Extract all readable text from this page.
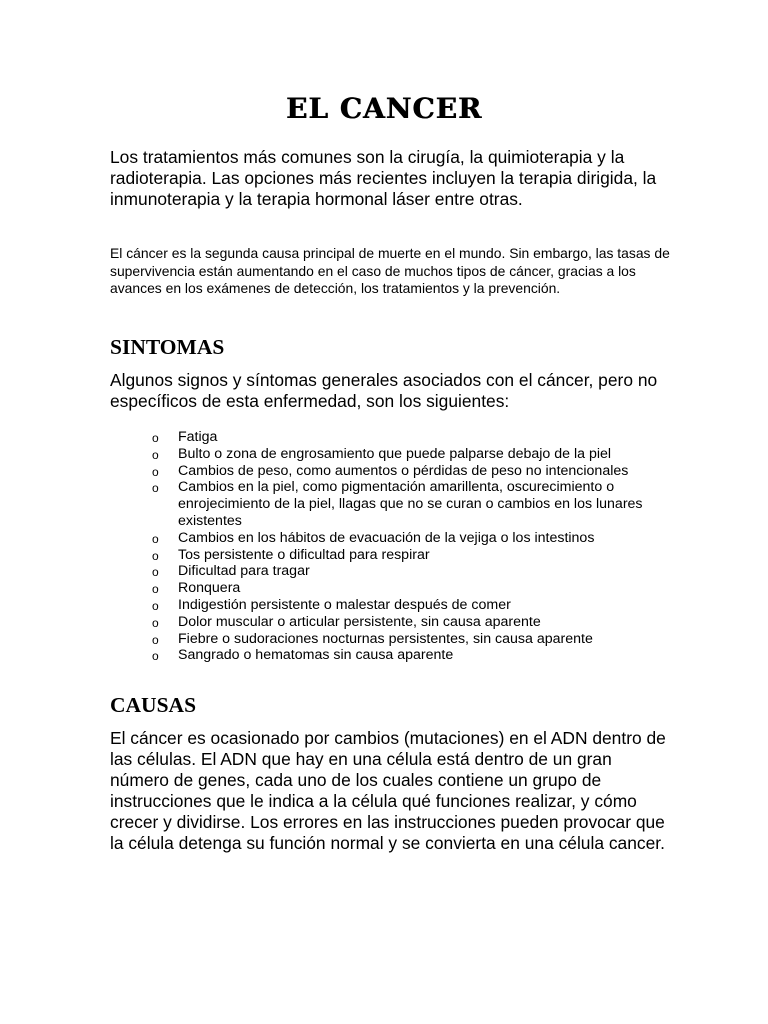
EL CANCER

Los tratamientos más comunes son la cirugía, la quimioterapia y la radioterapia. Las opciones más recientes incluyen la terapia dirigida, la inmunoterapia y la terapia hormonal láser entre otras.

El cáncer es la segunda causa principal de muerte en el mundo. Sin embargo, las tasas de supervivencia están aumentando en el caso de muchos tipos de cáncer, gracias a los avances en los exámenes de detección, los tratamientos y la prevención.

SINTOMAS

Algunos signos y síntomas generales asociados con el cáncer, pero no específicos de esta enfermedad, son los siguientes:

o Fatiga
o Bulto o zona de engrosamiento que puede palparse debajo de la piel
o Cambios de peso, como aumentos o pérdidas de peso no intencionales
o Cambios en la piel, como pigmentación amarillenta, oscurecimiento o enrojecimiento de la piel, llagas que no se curan o cambios en los lunares existentes
o Cambios en los hábitos de evacuación de la vejiga o los intestinos
o Tos persistente o dificultad para respirar
o Dificultad para tragar
o Ronquera
o Indigestión persistente o malestar después de comer
o Dolor muscular o articular persistente, sin causa aparente
o Fiebre o sudoraciones nocturnas persistentes, sin causa aparente
o Sangrado o hematomas sin causa aparente
CAUSAS

El cáncer es ocasionado por cambios (mutaciones) en el ADN dentro de las células. El ADN que hay en una célula está dentro de un gran número de genes, cada uno de los cuales contiene un grupo de instrucciones que le indica a la célula qué funciones realizar, y cómo crecer y dividirse. Los errores en las instrucciones pueden provocar que la célula detenga su función normal y se convierta en una célula cancer.
